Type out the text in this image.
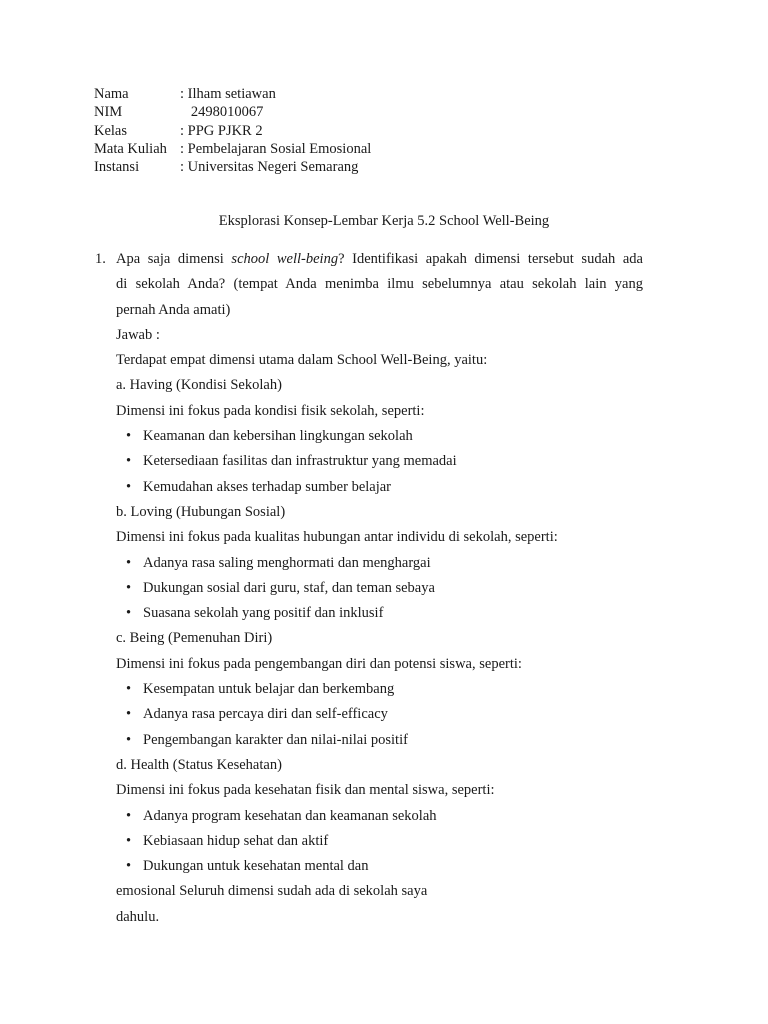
Nama	: Ilham setiawan
NIM	2498010067
Kelas	: PPG PJKR 2
Mata Kuliah : Pembelajaran Sosial Emosional
Instansi	: Universitas Negeri Semarang
Eksplorasi Konsep-Lembar Kerja 5.2 School Well-Being
1. Apa saja dimensi school well-being? Identifikasi apakah dimensi tersebut sudah ada
di sekolah Anda? (tempat Anda menimba ilmu sebelumnya atau sekolah lain yang
pernah Anda amati)
Jawab :
Terdapat empat dimensi utama dalam School Well-Being, yaitu:
a. Having (Kondisi Sekolah)
Dimensi ini fokus pada kondisi fisik sekolah, seperti:
• Keamanan dan kebersihan lingkungan sekolah
• Ketersediaan fasilitas dan infrastruktur yang memadai
• Kemudahan akses terhadap sumber belajar
b. Loving (Hubungan Sosial)
Dimensi ini fokus pada kualitas hubungan antar individu di sekolah, seperti:
• Adanya rasa saling menghormati dan menghargai
• Dukungan sosial dari guru, staf, dan teman sebaya
• Suasana sekolah yang positif dan inklusif
c. Being (Pemenuhan Diri)
Dimensi ini fokus pada pengembangan diri dan potensi siswa, seperti:
• Kesempatan untuk belajar dan berkembang
• Adanya rasa percaya diri dan self-efficacy
• Pengembangan karakter dan nilai-nilai positif
d. Health (Status Kesehatan)
Dimensi ini fokus pada kesehatan fisik dan mental siswa, seperti:
• Adanya program kesehatan dan keamanan sekolah
• Kebiasaan hidup sehat dan aktif
• Dukungan untuk kesehatan mental dan
emosional Seluruh dimensi sudah ada di sekolah saya
dahulu.
